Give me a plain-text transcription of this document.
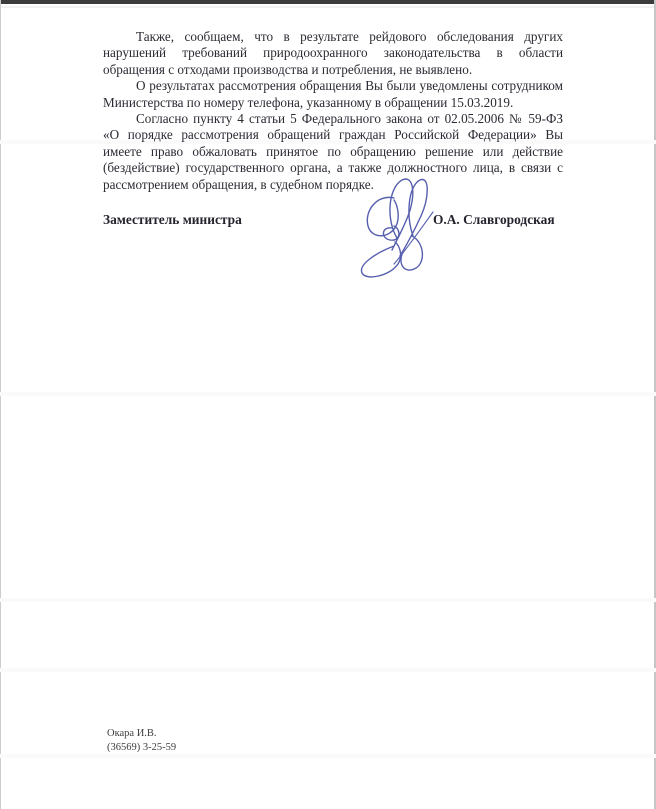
Также, сообщаем, что в результате рейдового обследования других нарушений требований природоохранного законодательства в области обращения с отходами производства и потребления, не выявлено.

О результатах рассмотрения обращения Вы были уведомлены сотрудником Министерства по номеру телефона, указанному в обращении 15.03.2019.

Согласно пункту 4 статьи 5 Федерального закона от 02.05.2006 № 59-ФЗ «О порядке рассмотрения обращений граждан Российской Федерации» Вы имеете право обжаловать принятое по обращению решение или действие (бездействие) государственного органа, а также должностного лица, в связи с рассмотрением обращения, в судебном порядке.

Заместитель министра	О.А. Славгородская
Окара И.В.
(36569) 3-25-59
